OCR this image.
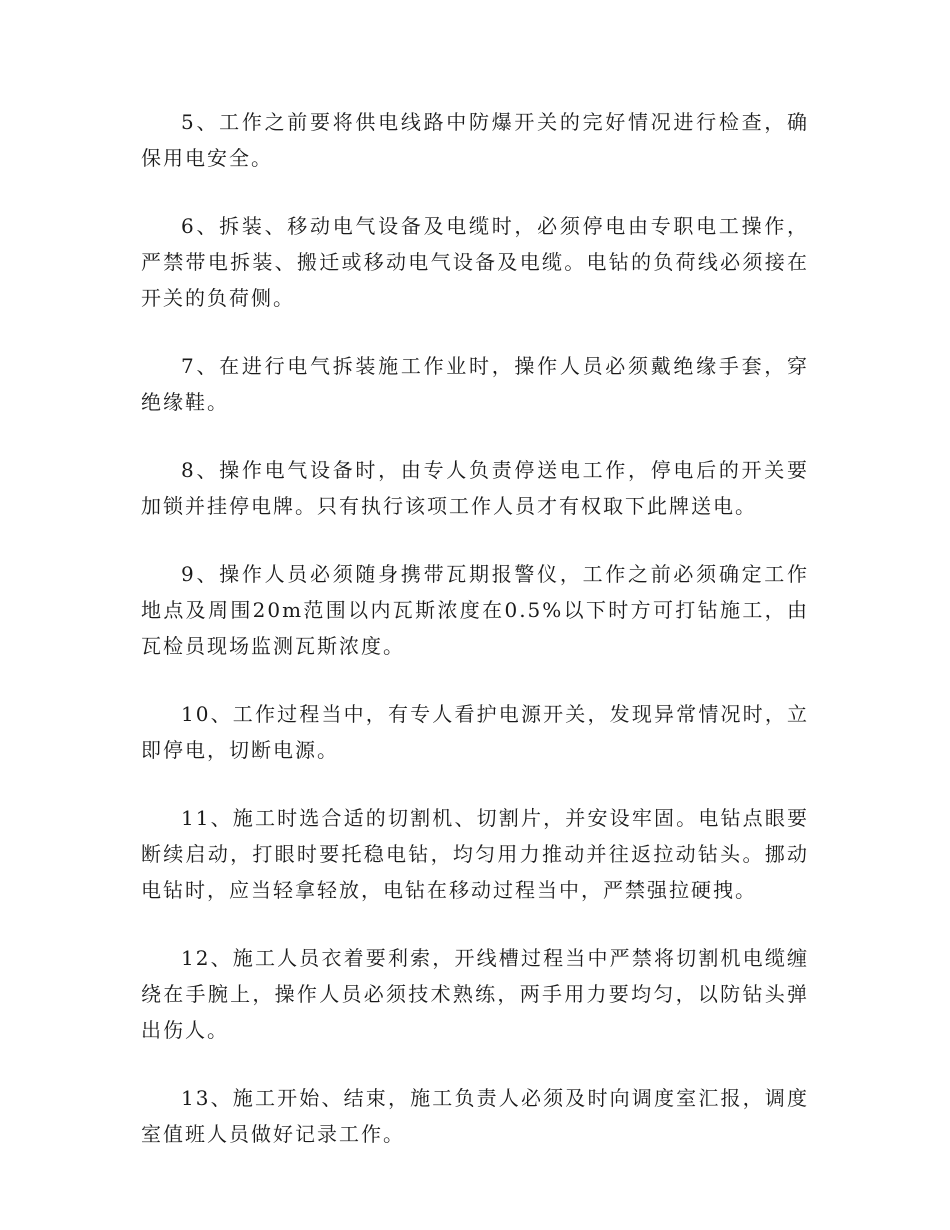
5、工作之前要将供电线路中防爆开关的完好情况进行检查，确保用电安全。

6、拆装、移动电气设备及电缆时，必须停电由专职电工操作，严禁带电拆装、搬迁或移动电气设备及电缆。电钻的负荷线必须接在开关的负荷侧。

7、在进行电气拆装施工作业时，操作人员必须戴绝缘手套，穿绝缘鞋。

8、操作电气设备时，由专人负责停送电工作，停电后的开关要加锁并挂停电牌。只有执行该项工作人员才有权取下此牌送电。

9、操作人员必须随身携带瓦期报警仪，工作之前必须确定工作地点及周围20m范围以内瓦斯浓度在0.5%以下时方可打钻施工，由瓦检员现场监测瓦斯浓度。

10、工作过程当中，有专人看护电源开关，发现异常情况时，立即停电，切断电源。

11、施工时选合适的切割机、切割片，并安设牢固。电钻点眼要断续启动，打眼时要托稳电钻，均匀用力推动并往返拉动钻头。挪动电钻时，应当轻拿轻放，电钻在移动过程当中，严禁强拉硬拽。

12、施工人员衣着要利索，开线槽过程当中严禁将切割机电缆缠绕在手腕上，操作人员必须技术熟练，两手用力要均匀，以防钻头弹出伤人。

13、施工开始、结束，施工负责人必须及时向调度室汇报，调度室值班人员做好记录工作。
